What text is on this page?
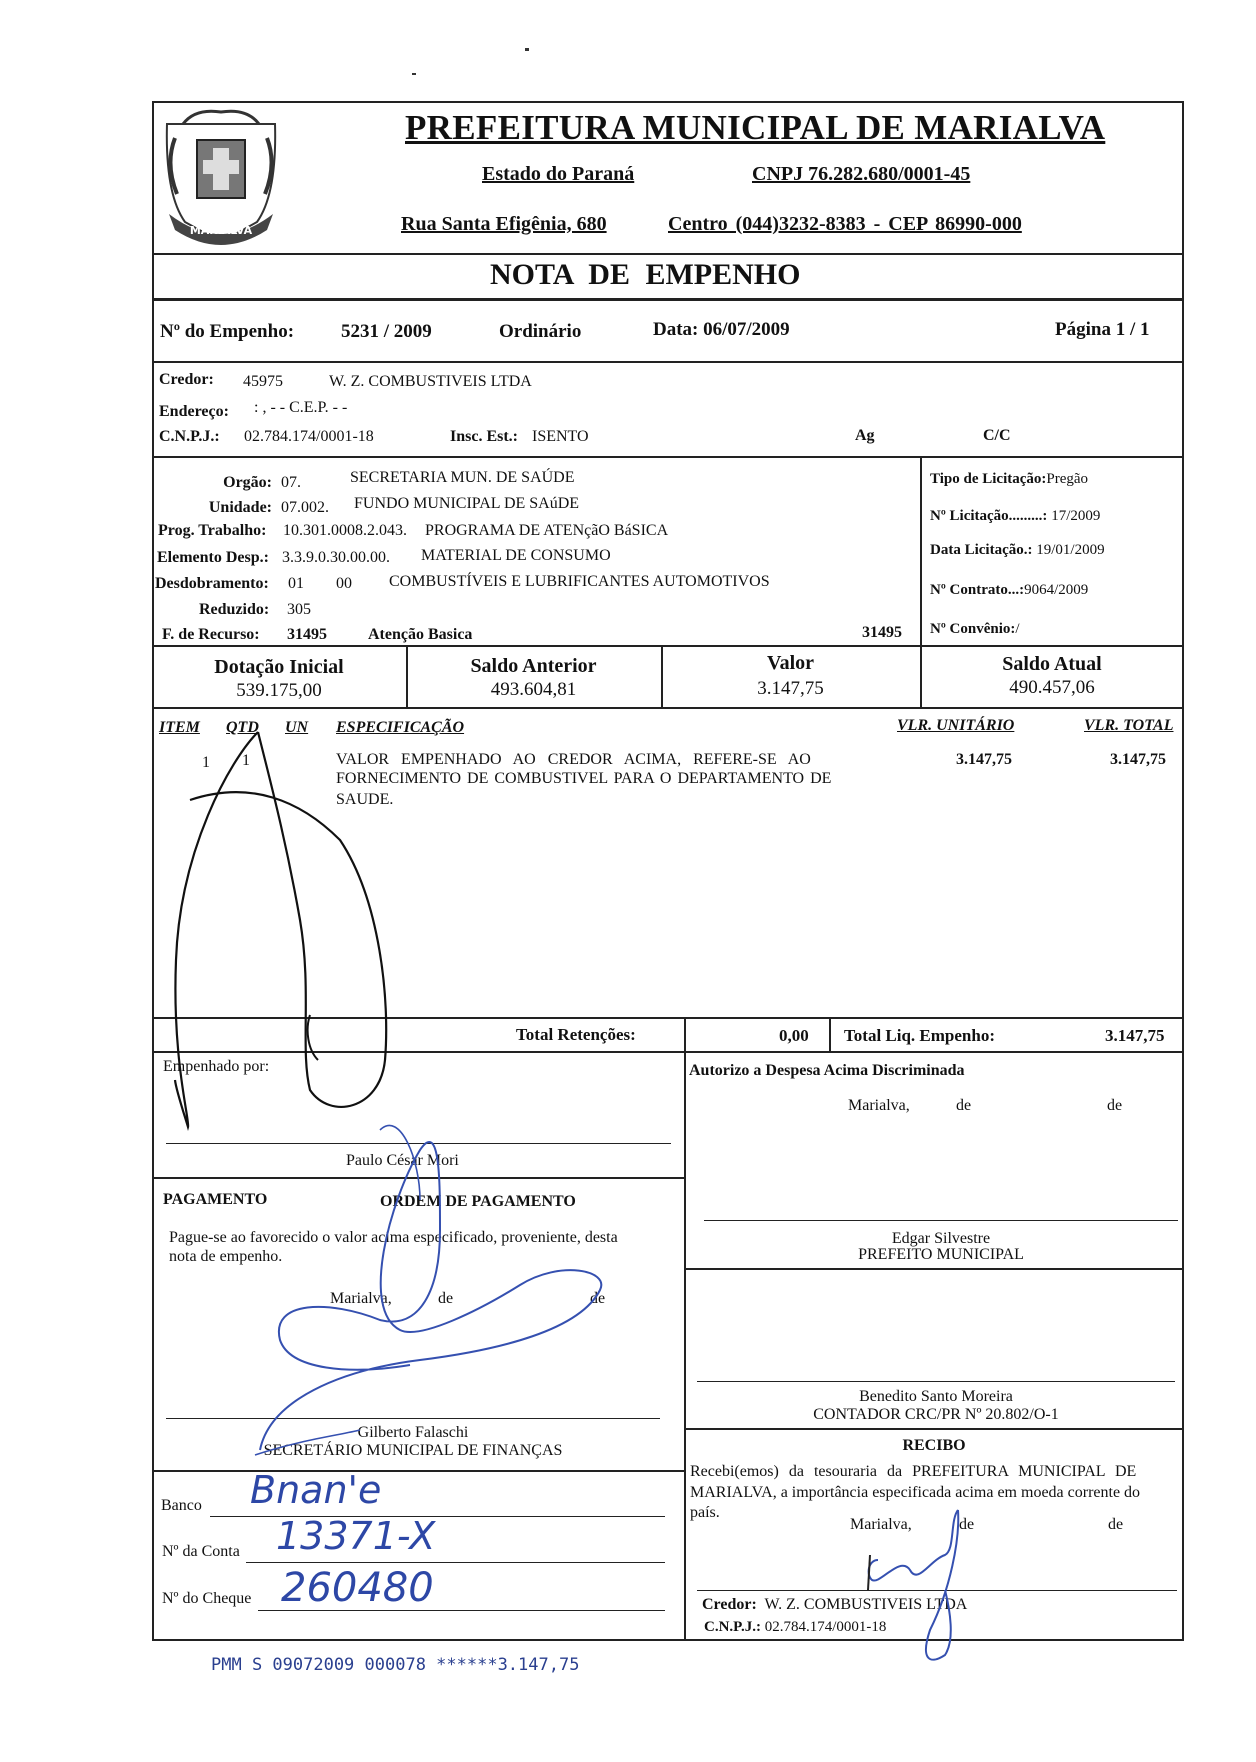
MARIALVA
PREFEITURA MUNICIPAL DE MARIALVA
Estado do Paraná	CNPJ 76.282.680/0001-45
Rua Santa Efigênia, 680	Centro (044)3232-8383 - CEP 86990-000
NOTA DE EMPENHO
Nº do Empenho: 5231 / 2009	Ordinário	Data: 06/07/2009	Página 1 / 1
Credor: 45975	W. Z. COMBUSTIVEIS LTDA
Endereço: : , - - C.E.P. - -
C.N.P.J.: 02.784.174/0001-18	Insc. Est.: ISENTO	Ag	C/C
Orgão: 07.	SECRETARIA MUN. DE SAÚDE
Unidade: 07.002. FUNDO MUNICIPAL DE SAúDE
Prog. Trabalho: 10.301.0008.2.043. PROGRAMA DE ATENçãO BáSICA
Elemento Desp.: 3.3.9.0.30.00.00. MATERIAL DE CONSUMO
Desdobramento: 01 00 COMBUSTÍVEIS E LUBRIFICANTES AUTOMOTIVOS
Reduzido: 305
F. de Recurso: 31495	Atenção Basica	31495
Tipo de Licitação:Pregão
Nº Licitação.........: 17/2009
Data Licitação.: 19/01/2009
Nº Contrato...:9064/2009
Nº Convênio:/
Dotação Inicial
539.175,00
Saldo Anterior
493.604,81
Valor
3.147,75
Saldo Atual
490.457,06
ITEM QTD UN ESPECIFICAÇÃO	VLR. UNITÁRIO	VLR. TOTAL
1 1	VALOR EMPENHADO AO CREDOR ACIMA, REFERE-SE AO
FORNECIMENTO DE COMBUSTIVEL PARA O DEPARTAMENTO DE
SAUDE.
3.147,75	3.147,75
Total Retenções:	0,00 Total Liq. Empenho:	3.147,75
Empenhado por:
Paulo César Mori
Autorizo a Despesa Acima Discriminada
Marialva,	de	de
Edgar Silvestre
PREFEITO MUNICIPAL
PAGAMENTO	ORDEM DE PAGAMENTO
Pague-se ao favorecido o valor acima especificado, proveniente, desta
nota de empenho.
Marialva,	de	de
Gilberto Falaschi
SECRETÁRIO MUNICIPAL DE FINANÇAS
Benedito Santo Moreira
CONTADOR CRC/PR Nº 20.802/O-1
RECIBO
Recebi(emos) da tesouraria da PREFEITURA MUNICIPAL DE
MARIALVA, a importância especificada acima em moeda corrente do
país.
Marialva,	de	de
Credor: W. Z. COMBUSTIVEIS LTDA
C.N.P.J.: 02.784.174/0001-18
Banco Bnan'e
Nº da Conta 13371-X
Nº do Cheque 260480
PMM S 09072009 000078 ******3.147,75
